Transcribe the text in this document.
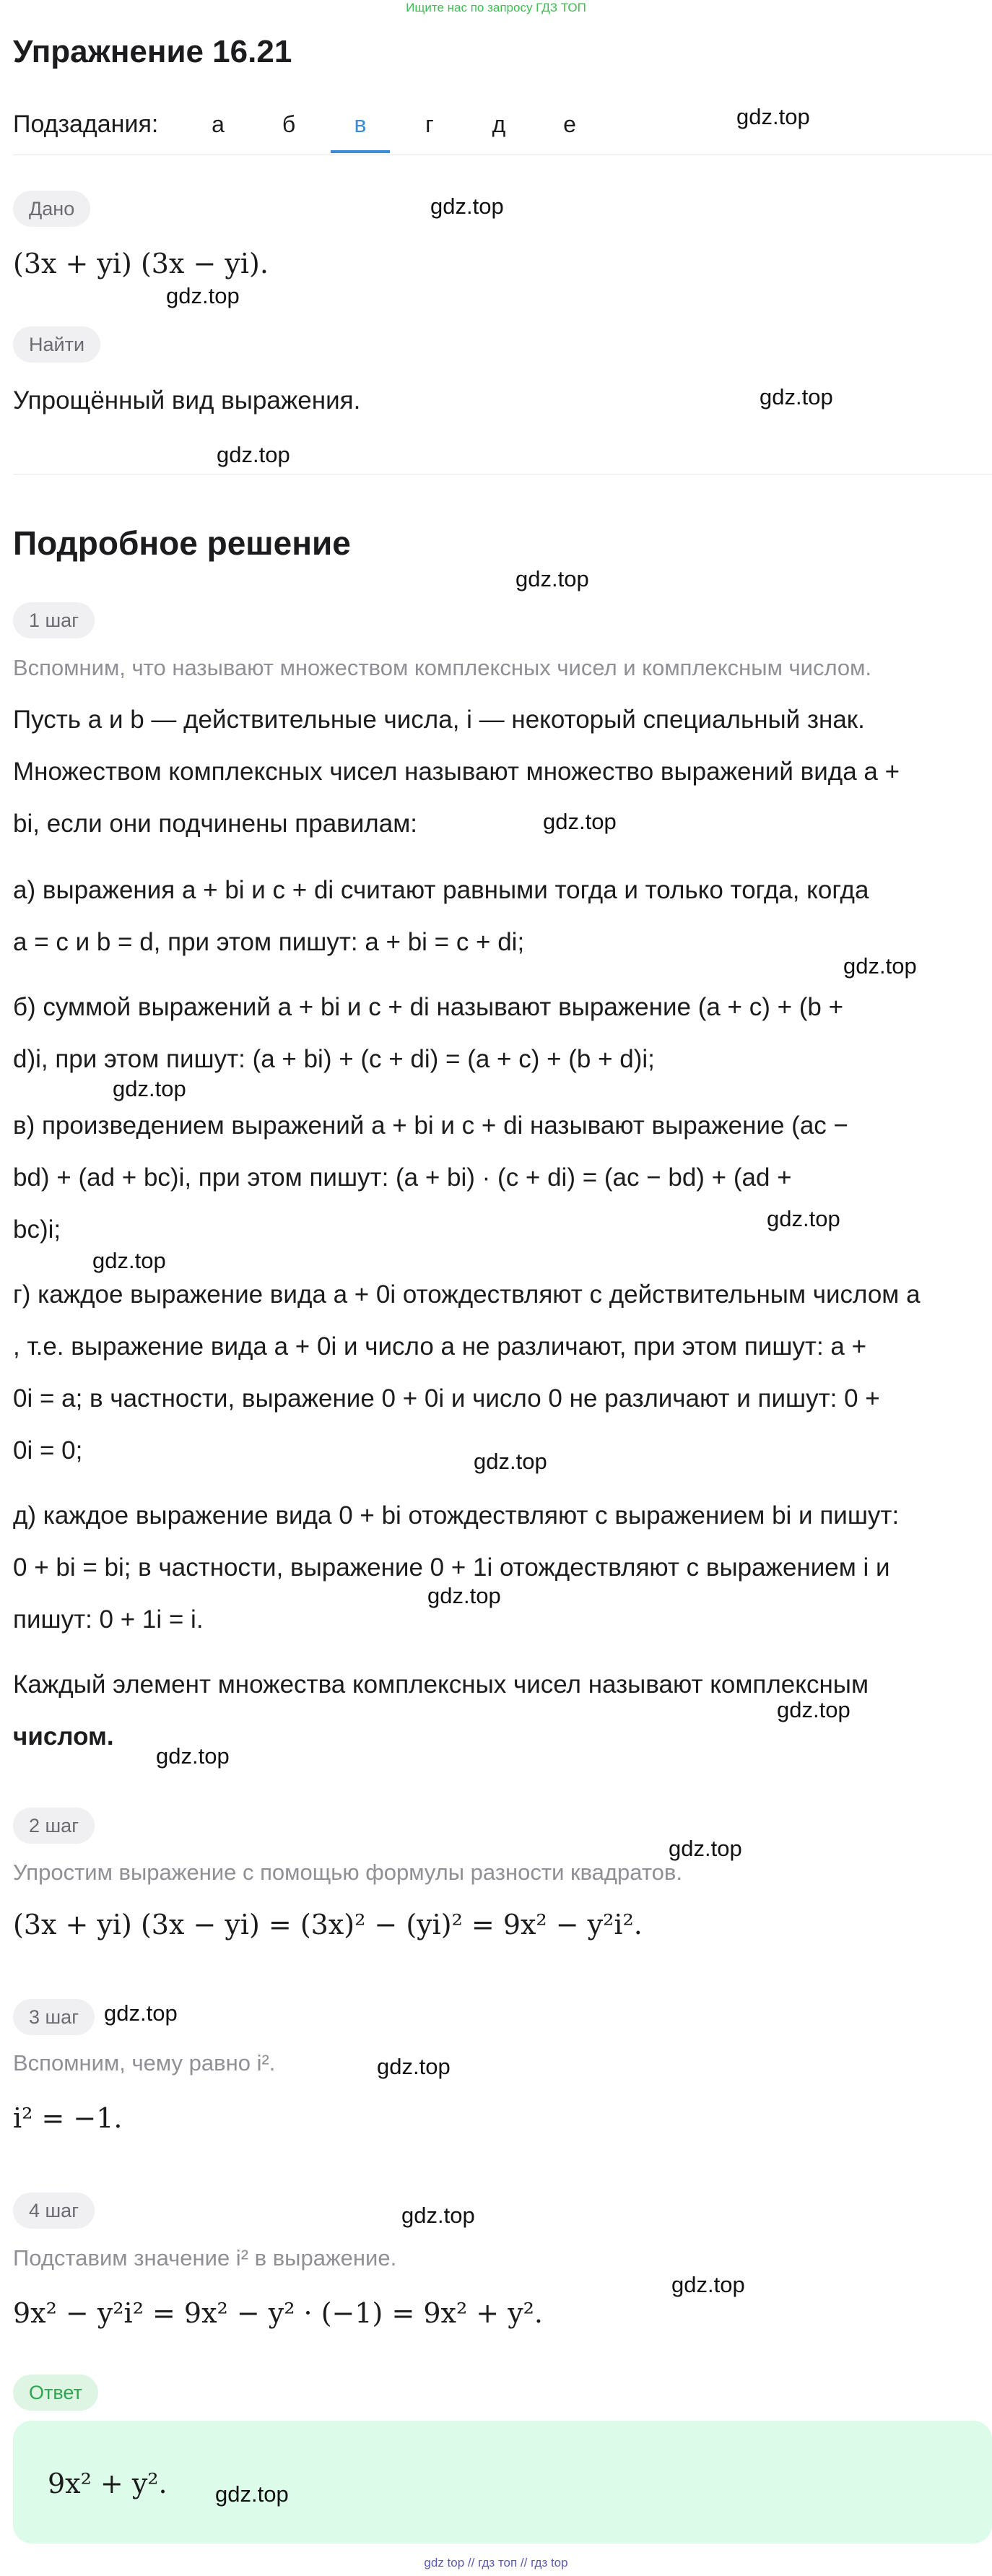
Ищите нас по запросу ГДЗ ТОП
Упражнение 16.21
Подзадания:	а	б	в	г	д	е
Дано
(3x + yi) (3x − yi).
Найти
Упрощённый вид выражения.
Подробное решение
1 шаг
Вспомним, что называют множеством комплексных чисел и комплексным числом.
Пусть a и b — действительные числа, i — некоторый специальный знак.
Множеством комплексных чисел называют множество выражений вида a +
bi, если они подчинены правилам:
а) выражения a + bi и c + di считают равными тогда и только тогда, когда
a = c и b = d, при этом пишут: a + bi = c + di;
б) суммой выражений a + bi и c + di называют выражение (a + c) + (b +
d)i, при этом пишут: (a + bi) + (c + di) = (a + c) + (b + d)i;
в) произведением выражений a + bi и c + di называют выражение (ac −
bd) + (ad + bc)i, при этом пишут: (a + bi) · (c + di) = (ac − bd) + (ad +
bc)i;
г) каждое выражение вида a + 0i отождествляют с действительным числом a
, т.е. выражение вида a + 0i и число a не различают, при этом пишут: a +
0i = a; в частности, выражение 0 + 0i и число 0 не различают и пишут: 0 +
0i = 0;
д) каждое выражение вида 0 + bi отождествляют с выражением bi и пишут:
0 + bi = bi; в частности, выражение 0 + 1i отождествляют с выражением i и
пишут: 0 + 1i = i.
Каждый элемент множества комплексных чисел называют комплексным
числом.
2 шаг
Упростим выражение с помощью формулы разности квадратов.
(3x + yi) (3x − yi) = (3x)² − (yi)² = 9x² − y²i².
3 шаг
Вспомним, чему равно i².
i² = −1.
4 шаг
Подставим значение i² в выражение.
9x² − y²i² = 9x² − y² · (−1) = 9x² + y².
Ответ
9x² + y².
gdz.top
gdz.top
gdz.top
gdz.top
gdz.top
gdz.top
gdz.top
gdz.top
gdz.top
gdz.top
gdz.top
gdz.top
gdz.top
gdz.top
gdz.top
gdz.top
gdz.top
gdz.top
gdz.top
gdz.top
gdz.top
gdz top // гдз топ // гдз top
